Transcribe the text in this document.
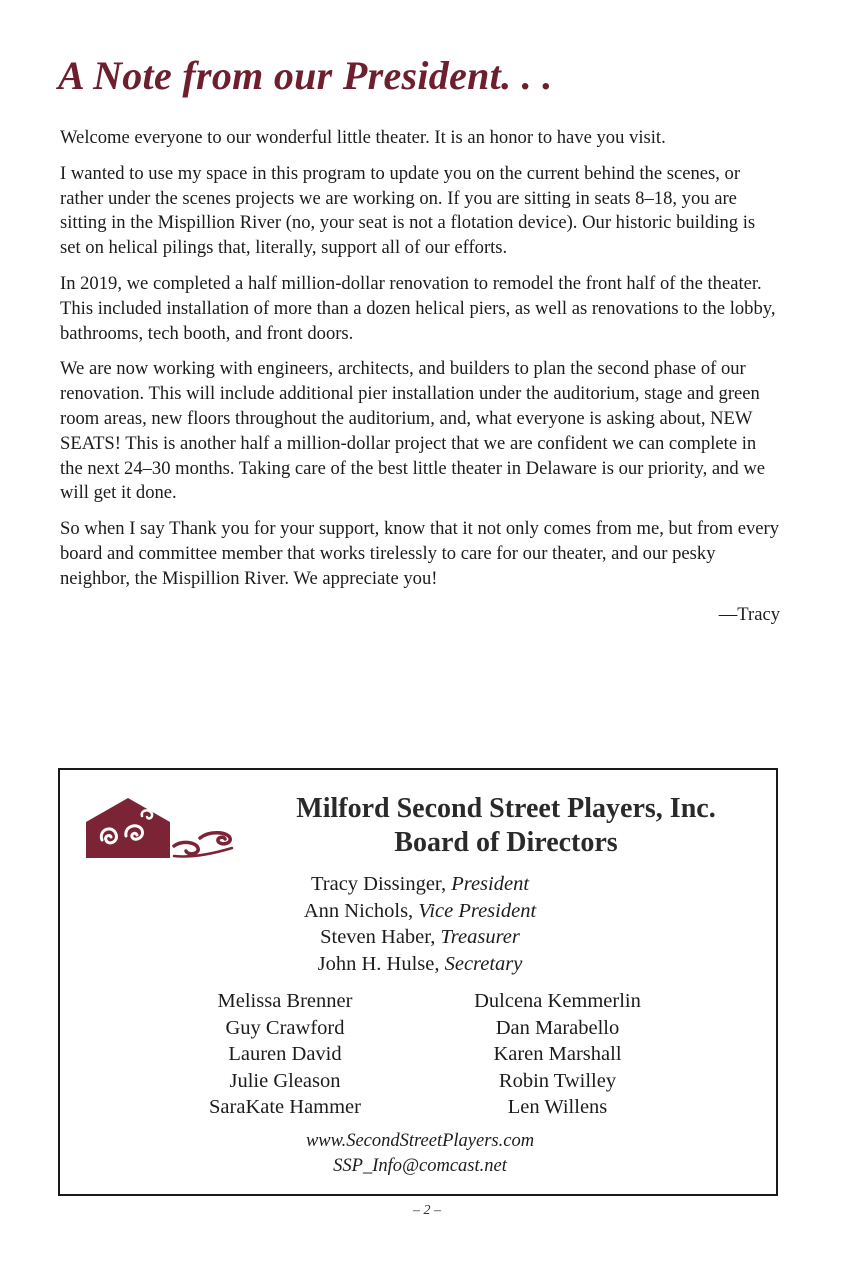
A Note from our President. . .

Welcome everyone to our wonderful little theater. It is an honor to have you visit.

I wanted to use my space in this program to update you on the current behind the scenes, or rather under the scenes projects we are working on. If you are sitting in seats 8–18, you are sitting in the Mispillion River (no, your seat is not a flotation device). Our historic building is set on helical pilings that, literally, support all of our efforts.

In 2019, we completed a half million-dollar renovation to remodel the front half of the theater. This included installation of more than a dozen helical piers, as well as renovations to the lobby, bathrooms, tech booth, and front doors.

We are now working with engineers, architects, and builders to plan the second phase of our renovation. This will include additional pier installation under the auditorium, stage and green room areas, new floors throughout the auditorium, and, what everyone is asking about, NEW SEATS! This is another half a million-dollar project that we are confident we can complete in the next 24–30 months. Taking care of the best little theater in Delaware is our priority, and we will get it done.

So when I say Thank you for your support, know that it not only comes from me, but from every board and committee member that works tirelessly to care for our theater, and our pesky neighbor, the Mispillion River. We appreciate you!

—Tracy
Milford Second Street Players, Inc.
Board of Directors
Tracy Dissinger, President
Ann Nichols, Vice President
Steven Haber, Treasurer
John H. Hulse, Secretary
Melissa Brenner
Guy Crawford
Lauren David
Julie Gleason
SaraKate Hammer
Dulcena Kemmerlin
Dan Marabello
Karen Marshall
Robin Twilley
Len Willens
www.SecondStreetPlayers.com
SSP_Info@comcast.net
– 2 –
